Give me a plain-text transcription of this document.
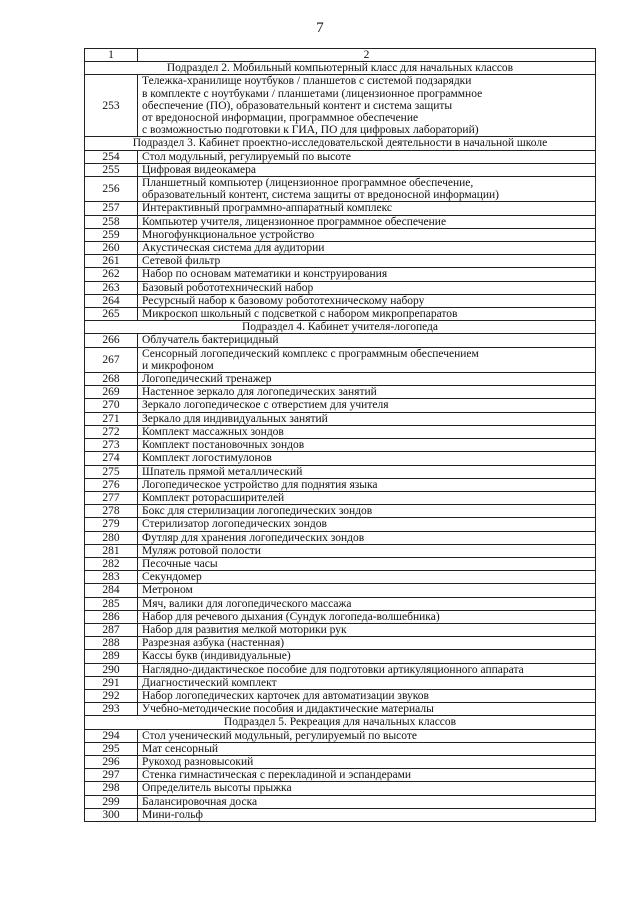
7
1	2
Подраздел 2. Мобильный компьютерный класс для начальных классов	
253	Тележка-хранилище ноутбуков / планшетов с системой подзарядки
в комплекте с ноутбуками / планшетами (лицензионное программное
обеспечение (ПО), образовательный контент и система защиты
от вредоносной информации, программное обеспечение
с возможностью подготовки к ГИА, ПО для цифровых лабораторий)

Подраздел 3. Кабинет проектно-исследовательской деятельности в начальной школе	
254	Стол модульный, регулируемый по высоте

255	Цифровая видеокамера

256	Планшетный компьютер (лицензионное программное обеспечение,
образовательный контент, система защиты от вредоносной информации)

257	Интерактивный программно-аппаратный комплекс

258	Компьютер учителя, лицензионное программное обеспечение

259	Многофункциональное устройство

260	Акустическая система для аудитории

261	Сетевой фильтр

262	Набор по основам математики и конструирования

263	Базовый робототехнический набор

264	Ресурсный набор к базовому робототехническому набору

265	Микроскоп школьный с подсветкой с набором микропрепаратов

Подраздел 4. Кабинет учителя-логопеда	
266	Облучатель бактерицидный

267	Сенсорный логопедический комплекс с программным обеспечением
и микрофоном

268	Логопедический тренажер

269	Настенное зеркало для логопедических занятий

270	Зеркало логопедическое с отверстием для учителя

271	Зеркало для индивидуальных занятий

272	Комплект массажных зондов

273	Комплект постановочных зондов

274	Комплект логостимулонов

275	Шпатель прямой металлический

276	Логопедическое устройство для поднятия языка

277	Комплект роторасширителей

278	Бокс для стерилизации логопедических зондов

279	Стерилизатор логопедических зондов

280	Футляр для хранения логопедических зондов

281	Муляж ротовой полости

282	Песочные часы

283	Секундомер

284	Метроном

285	Мяч, валики для логопедического массажа

286	Набор для речевого дыхания (Сундук логопеда-волшебника)

287	Набор для развития мелкой моторики рук

288	Разрезная азбука (настенная)

289	Кассы букв (индивидуальные)

290	Наглядно-дидактическое пособие для подготовки артикуляционного аппарата

291	Диагностический комплект

292	Набор логопедических карточек для автоматизации звуков

293	Учебно-методические пособия и дидактические материалы

Подраздел 5. Рекреация для начальных классов	
294	Стол ученический модульный, регулируемый по высоте

295	Мат сенсорный

296	Рукоход разновысокий

297	Стенка гимнастическая с перекладиной и эспандерами

298	Определитель высоты прыжка

299	Балансировочная доска

300	Мини-гольф
